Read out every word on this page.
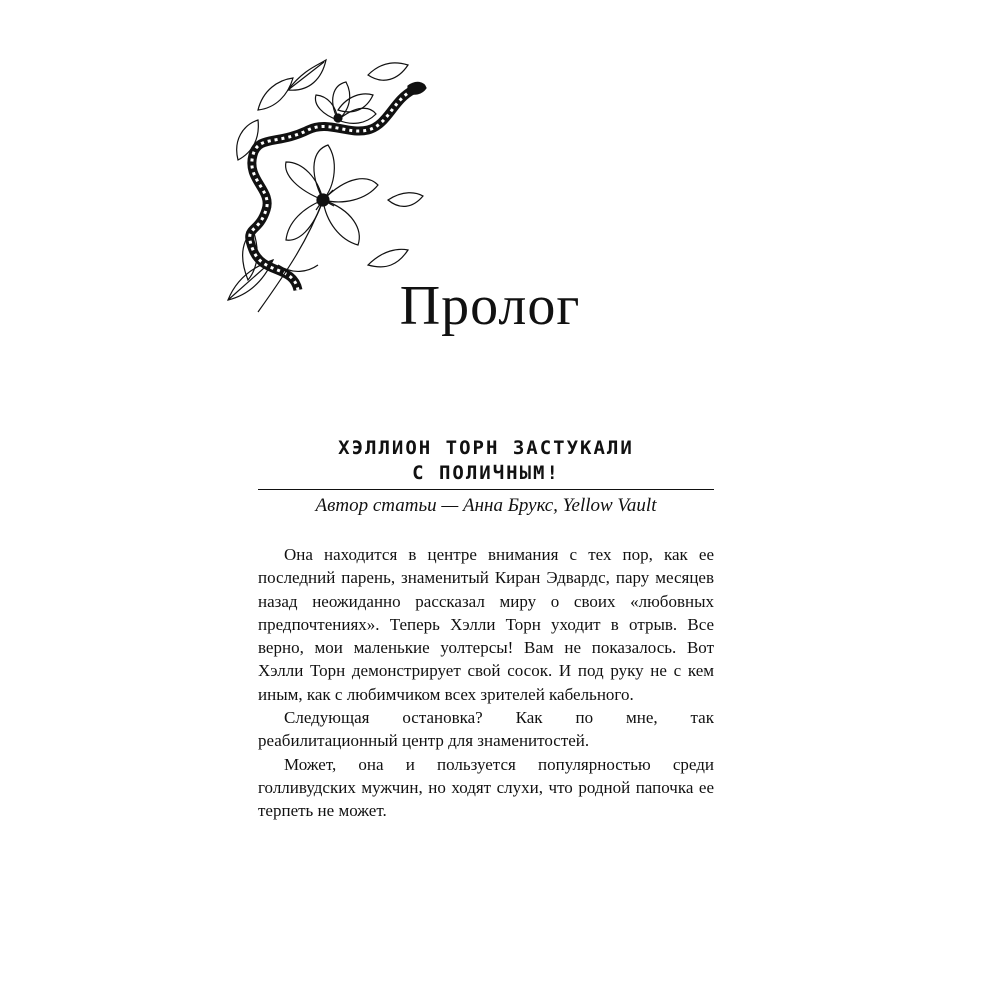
Пролог
ХЭЛЛИОН ТОРН ЗАСТУКАЛИ
С ПОЛИЧНЫМ!

Автор статьи — Анна Брукс, Yellow Vault

Она находится в центре внимания с тех пор, как ее последний парень, знаменитый Киран Эдвардс, пару месяцев назад неожиданно рассказал миру о своих «любовных предпочтениях». Теперь Хэлли Торн уходит в отрыв. Все верно, мои маленькие уолтерсы! Вам не показалось. Вот Хэлли Торн демонстрирует свой сосок. И под руку не с кем иным, как с любимчиком всех зрителей кабельного.

Следующая остановка? Как по мне, так реабилитационный центр для знаменитостей.

Может, она и пользуется популярностью среди голливудских мужчин, но ходят слухи, что родной папочка ее терпеть не может.
